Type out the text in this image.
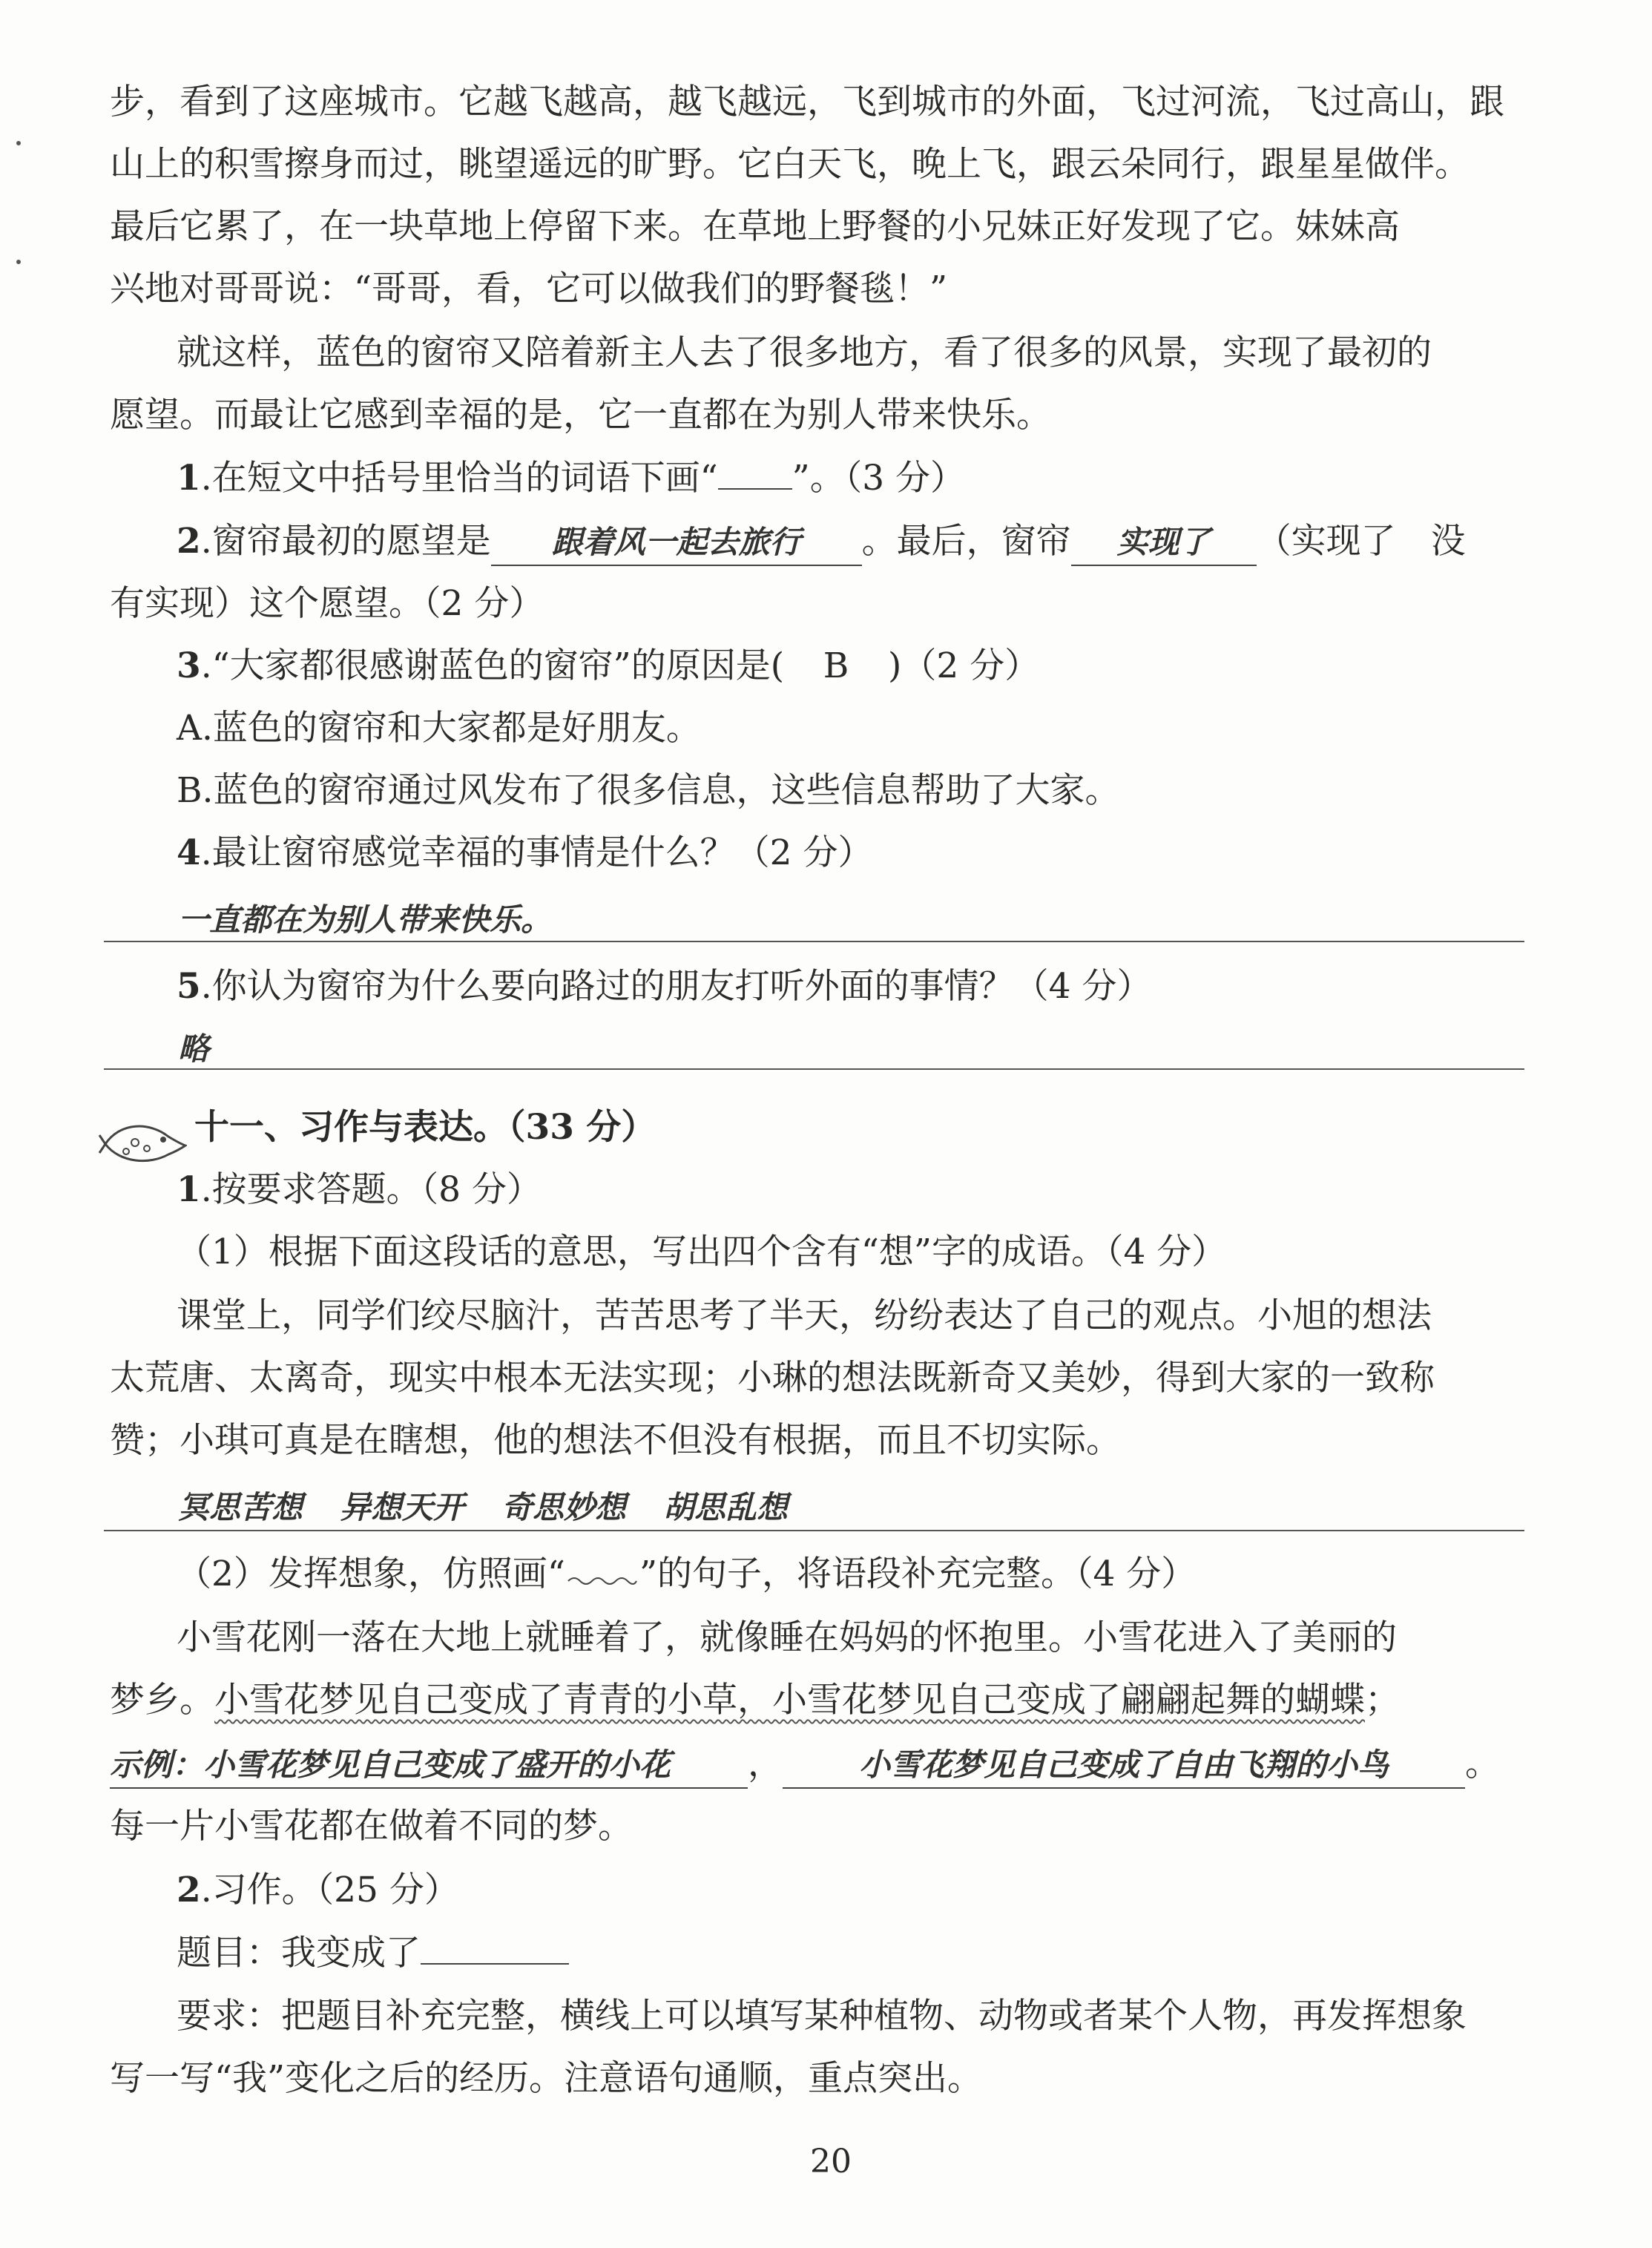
步，看到了这座城市。它越飞越高，越飞越远，飞到城市的外面，飞过河流，飞过高山，跟
山上的积雪擦身而过，眺望遥远的旷野。它白天飞，晚上飞，跟云朵同行，跟星星做伴。
最后它累了，在一块草地上停留下来。在草地上野餐的小兄妹正好发现了它。妹妹高
兴地对哥哥说：“哥哥，看，它可以做我们的野餐毯！”
就这样，蓝色的窗帘又陪着新主人去了很多地方，看了很多的风景，实现了最初的
愿望。而最让它感到幸福的是，它一直都在为别人带来快乐。
1.在短文中括号里恰当的词语下画“ ”。（3 分）
2.窗帘最初的愿望是 跟着风一起去旅行 。最后，窗帘 实现了 （实现了　没
有实现）这个愿望。（2 分）
3.“大家都很感谢蓝色的窗帘”的原因是( B )（2 分）
A.蓝色的窗帘和大家都是好朋友。
B.蓝色的窗帘通过风发布了很多信息，这些信息帮助了大家。
4.最让窗帘感觉幸福的事情是什么？（2 分）
一直都在为别人带来快乐。
5.你认为窗帘为什么要向路过的朋友打听外面的事情？（4 分）
略
十一、习作与表达。（33 分）
1.按要求答题。（8 分）
（1）根据下面这段话的意思，写出四个含有“想”字的成语。（4 分）
课堂上，同学们绞尽脑汁，苦苦思考了半天，纷纷表达了自己的观点。小旭的想法
太荒唐、太离奇，现实中根本无法实现；小琳的想法既新奇又美妙，得到大家的一致称
赞；小琪可真是在瞎想，他的想法不但没有根据，而且不切实际。
冥思苦想 异想天开 奇思妙想 胡思乱想
（2）发挥想象，仿照画“ ”的句子，将语段补充完整。（4 分）
小雪花刚一落在大地上就睡着了，就像睡在妈妈的怀抱里。小雪花进入了美丽的
梦乡。小雪花梦见自己变成了青青的小草，小雪花梦见自己变成了翩翩起舞的蝴蝶；
示例：小雪花梦见自己变成了盛开的小花 ， 小雪花梦见自己变成了自由飞翔的小鸟 。
每一片小雪花都在做着不同的梦。
2.习作。（25 分）
题目：我变成了
要求：把题目补充完整，横线上可以填写某种植物、动物或者某个人物，再发挥想象
写一写“我”变化之后的经历。注意语句通顺，重点突出。
20
